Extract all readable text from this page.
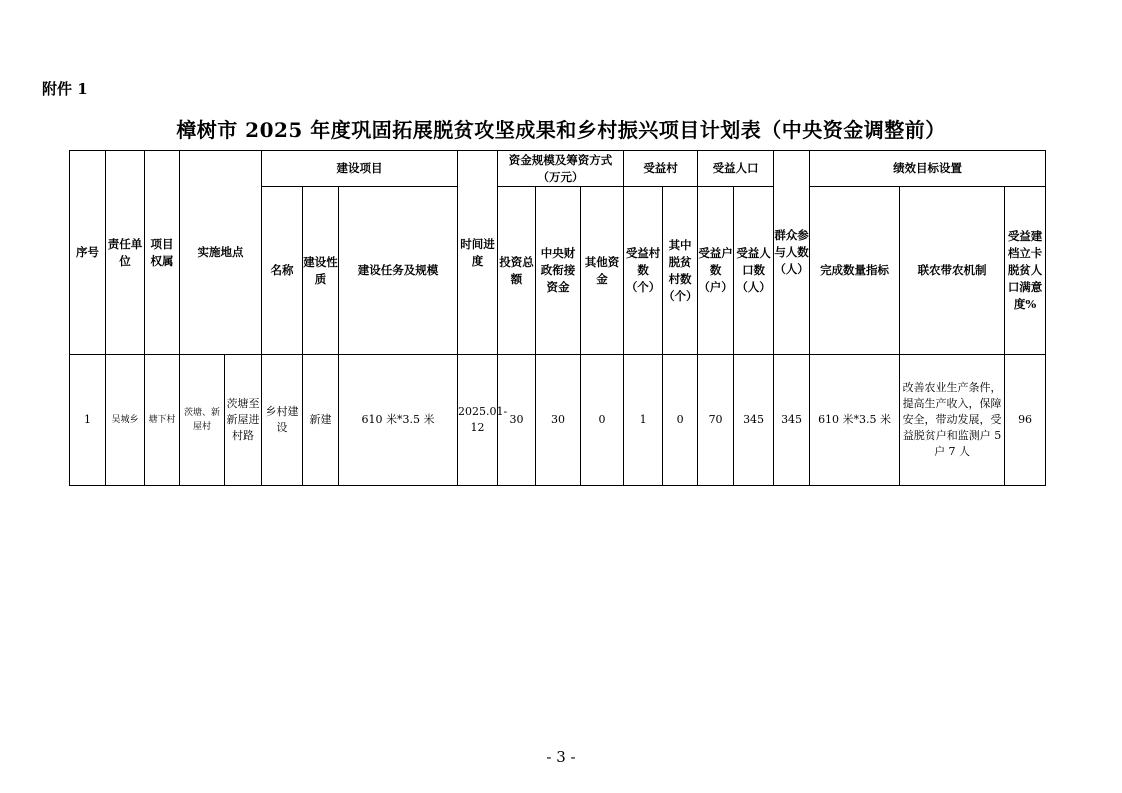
附件 1
樟树市 2025 年度巩固拓展脱贫攻坚成果和乡村振兴项目计划表（中央资金调整前）
序号	责任单位	项目权属	实施地点		建设项目			时间进度	资金规模及筹资方式（万元）			受益村		受益人口		群众参与人数（人）	绩效目标设置		
					名称	建设性质	建设任务及规模		投资总额	中央财政衔接资金	其他资金	受益村数（个）	其中脱贫村数（个）	受益户数（户）	受益人口数（人）		完成数量指标	联农带农机制	受益建档立卡脱贫人口满意度%
1	吴城乡	塘下村	茨塘、新屋村	茨塘至新屋进村路	乡村建设	新建	610 米*3.5 米	2025.01-12	30	30	0	1	0	70	345	345	610 米*3.5 米	改善农业生产条件，提高生产收入，保障安全，带动发展，受益脱贫户和监测户 5 户 7 人	96
- 3 -
